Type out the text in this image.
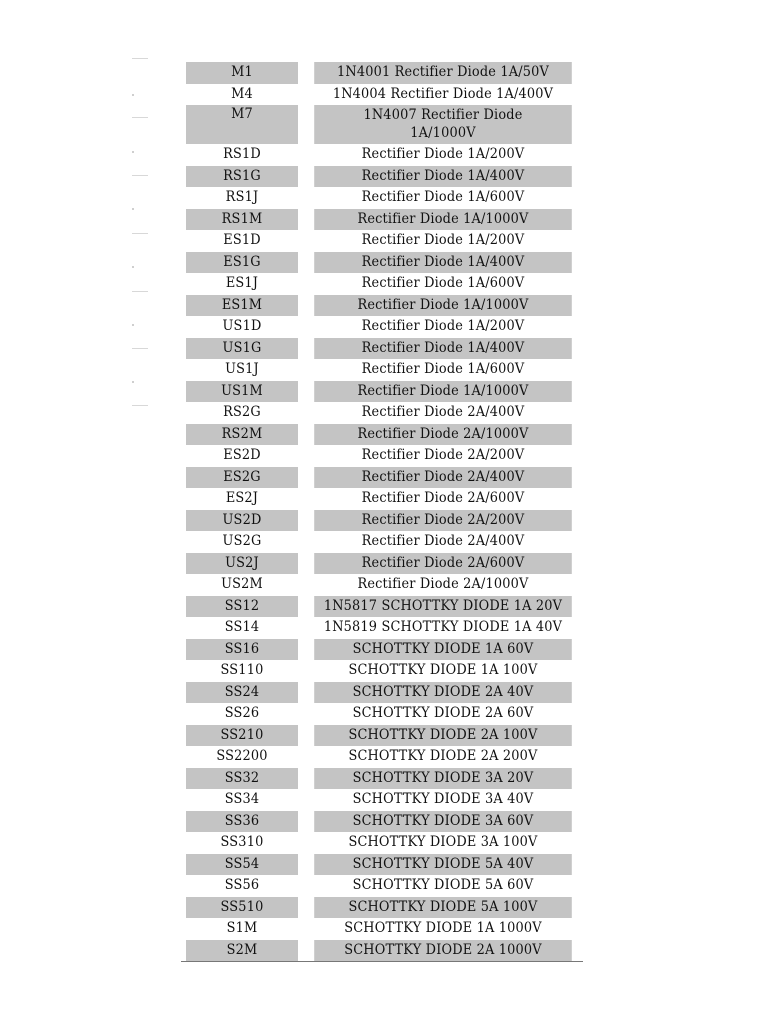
M1	1N4001 Rectifier Diode 1A/50V
M4	1N4004 Rectifier Diode 1A/400V
M7	1N4007 Rectifier Diode 1A/1000V
RS1D	Rectifier Diode 1A/200V
RS1G	Rectifier Diode 1A/400V
RS1J	Rectifier Diode 1A/600V
RS1M	Rectifier Diode 1A/1000V
ES1D	Rectifier Diode 1A/200V
ES1G	Rectifier Diode 1A/400V
ES1J	Rectifier Diode 1A/600V
ES1M	Rectifier Diode 1A/1000V
US1D	Rectifier Diode 1A/200V
US1G	Rectifier Diode 1A/400V
US1J	Rectifier Diode 1A/600V
US1M	Rectifier Diode 1A/1000V
RS2G	Rectifier Diode 2A/400V
RS2M	Rectifier Diode 2A/1000V
ES2D	Rectifier Diode 2A/200V
ES2G	Rectifier Diode 2A/400V
ES2J	Rectifier Diode 2A/600V
US2D	Rectifier Diode 2A/200V
US2G	Rectifier Diode 2A/400V
US2J	Rectifier Diode 2A/600V
US2M	Rectifier Diode 2A/1000V
SS12	1N5817 SCHOTTKY DIODE 1A 20V
SS14	1N5819 SCHOTTKY DIODE 1A 40V
SS16	SCHOTTKY DIODE 1A 60V
SS110	SCHOTTKY DIODE 1A 100V
SS24	SCHOTTKY DIODE 2A 40V
SS26	SCHOTTKY DIODE 2A 60V
SS210	SCHOTTKY DIODE 2A 100V
SS2200	SCHOTTKY DIODE 2A 200V
SS32	SCHOTTKY DIODE 3A 20V
SS34	SCHOTTKY DIODE 3A 40V
SS36	SCHOTTKY DIODE 3A 60V
SS310	SCHOTTKY DIODE 3A 100V
SS54	SCHOTTKY DIODE 5A 40V
SS56	SCHOTTKY DIODE 5A 60V
SS510	SCHOTTKY DIODE 5A 100V
S1M	SCHOTTKY DIODE 1A 1000V
S2M	SCHOTTKY DIODE 2A 1000V
